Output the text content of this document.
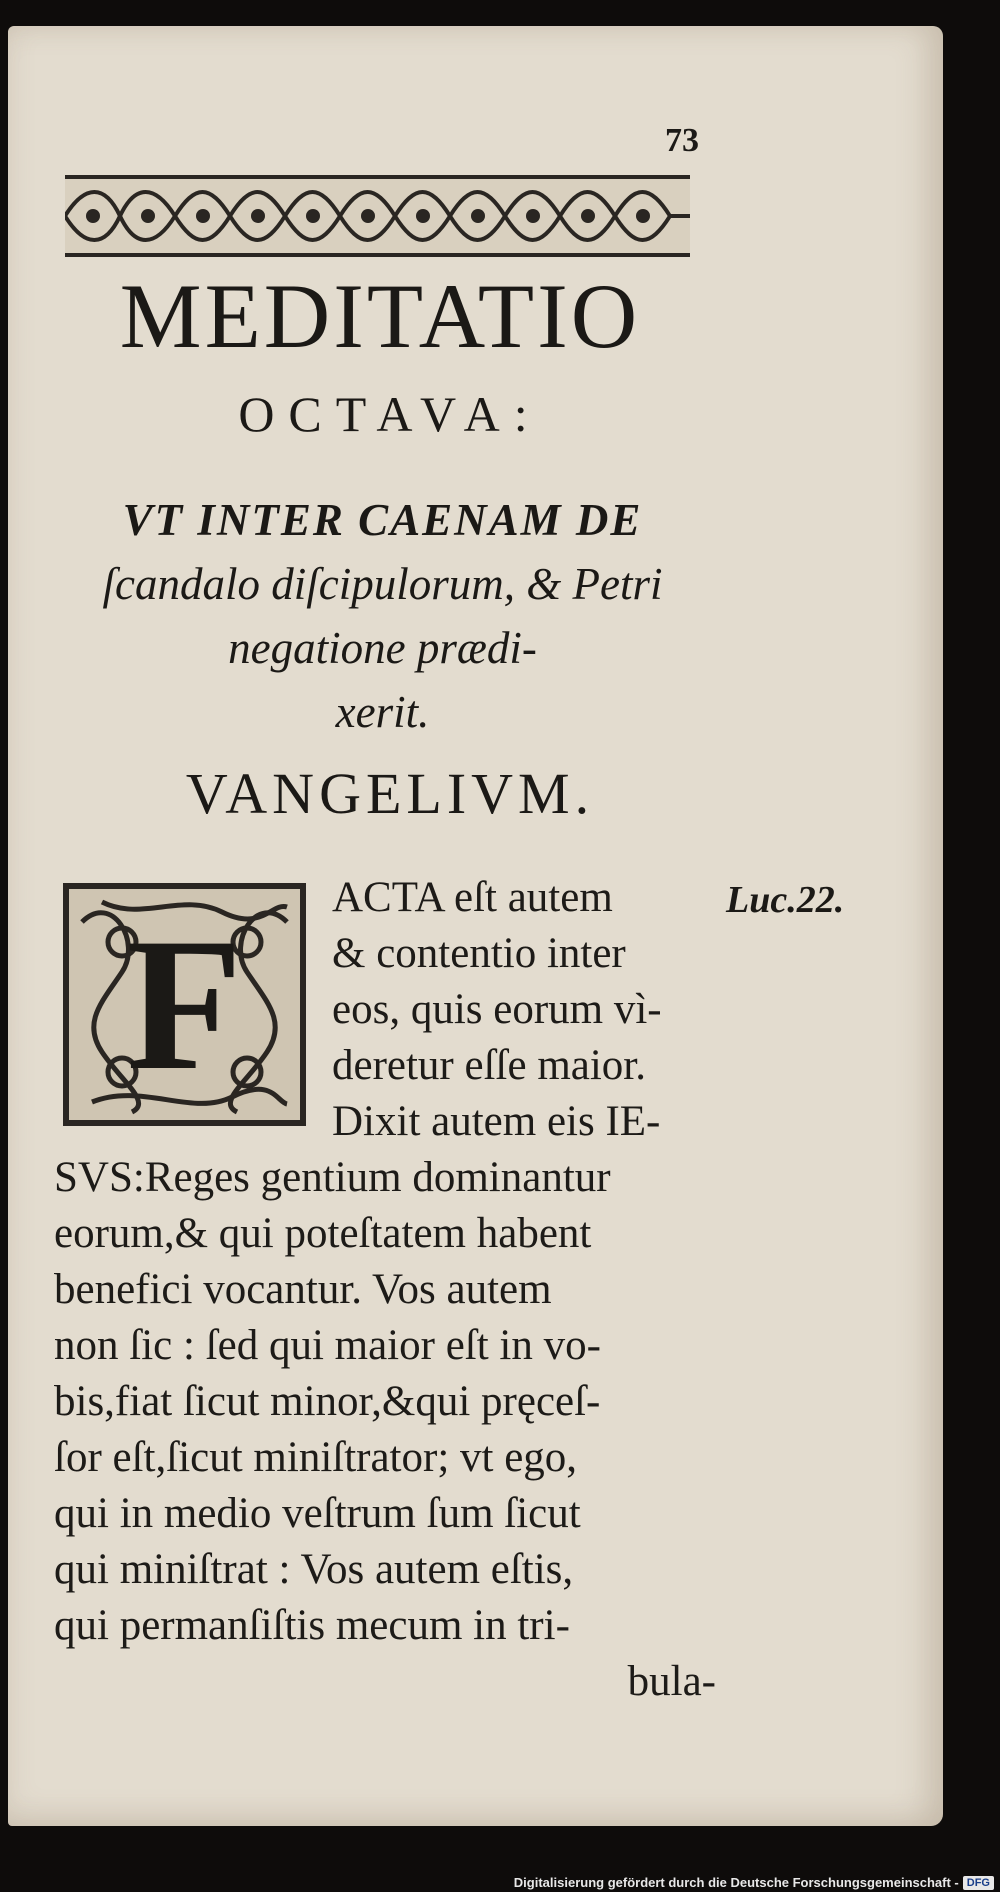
73
MEDITATIO
OCTAVA:
VT INTER CAENAM DE
ſcandalo diſcipulorum, & Petri
negatione prædi-
xerit.
VANGELIVM.
F
ACTA eſt autem
& contentio inter
eos, quis eorum vì-
deretur eſſe maior.
Dixit autem eis IE-
SVS:Reges gentium dominantur
eorum,& qui poteſtatem habent
benefici vocantur. Vos autem
non ſic : ſed qui maior eſt in vo-
bis,fiat ſicut minor,&qui pręceſ-
ſor eſt,ſicut miniſtrator; vt ego,
qui in medio veſtrum ſum ſicut
qui miniſtrat : Vos autem eſtis,
qui permanſiſtis mecum in tri-
bula-
Luc.22.
Digitalisierung gefördert durch die Deutsche Forschungsgemeinschaft - DFG
